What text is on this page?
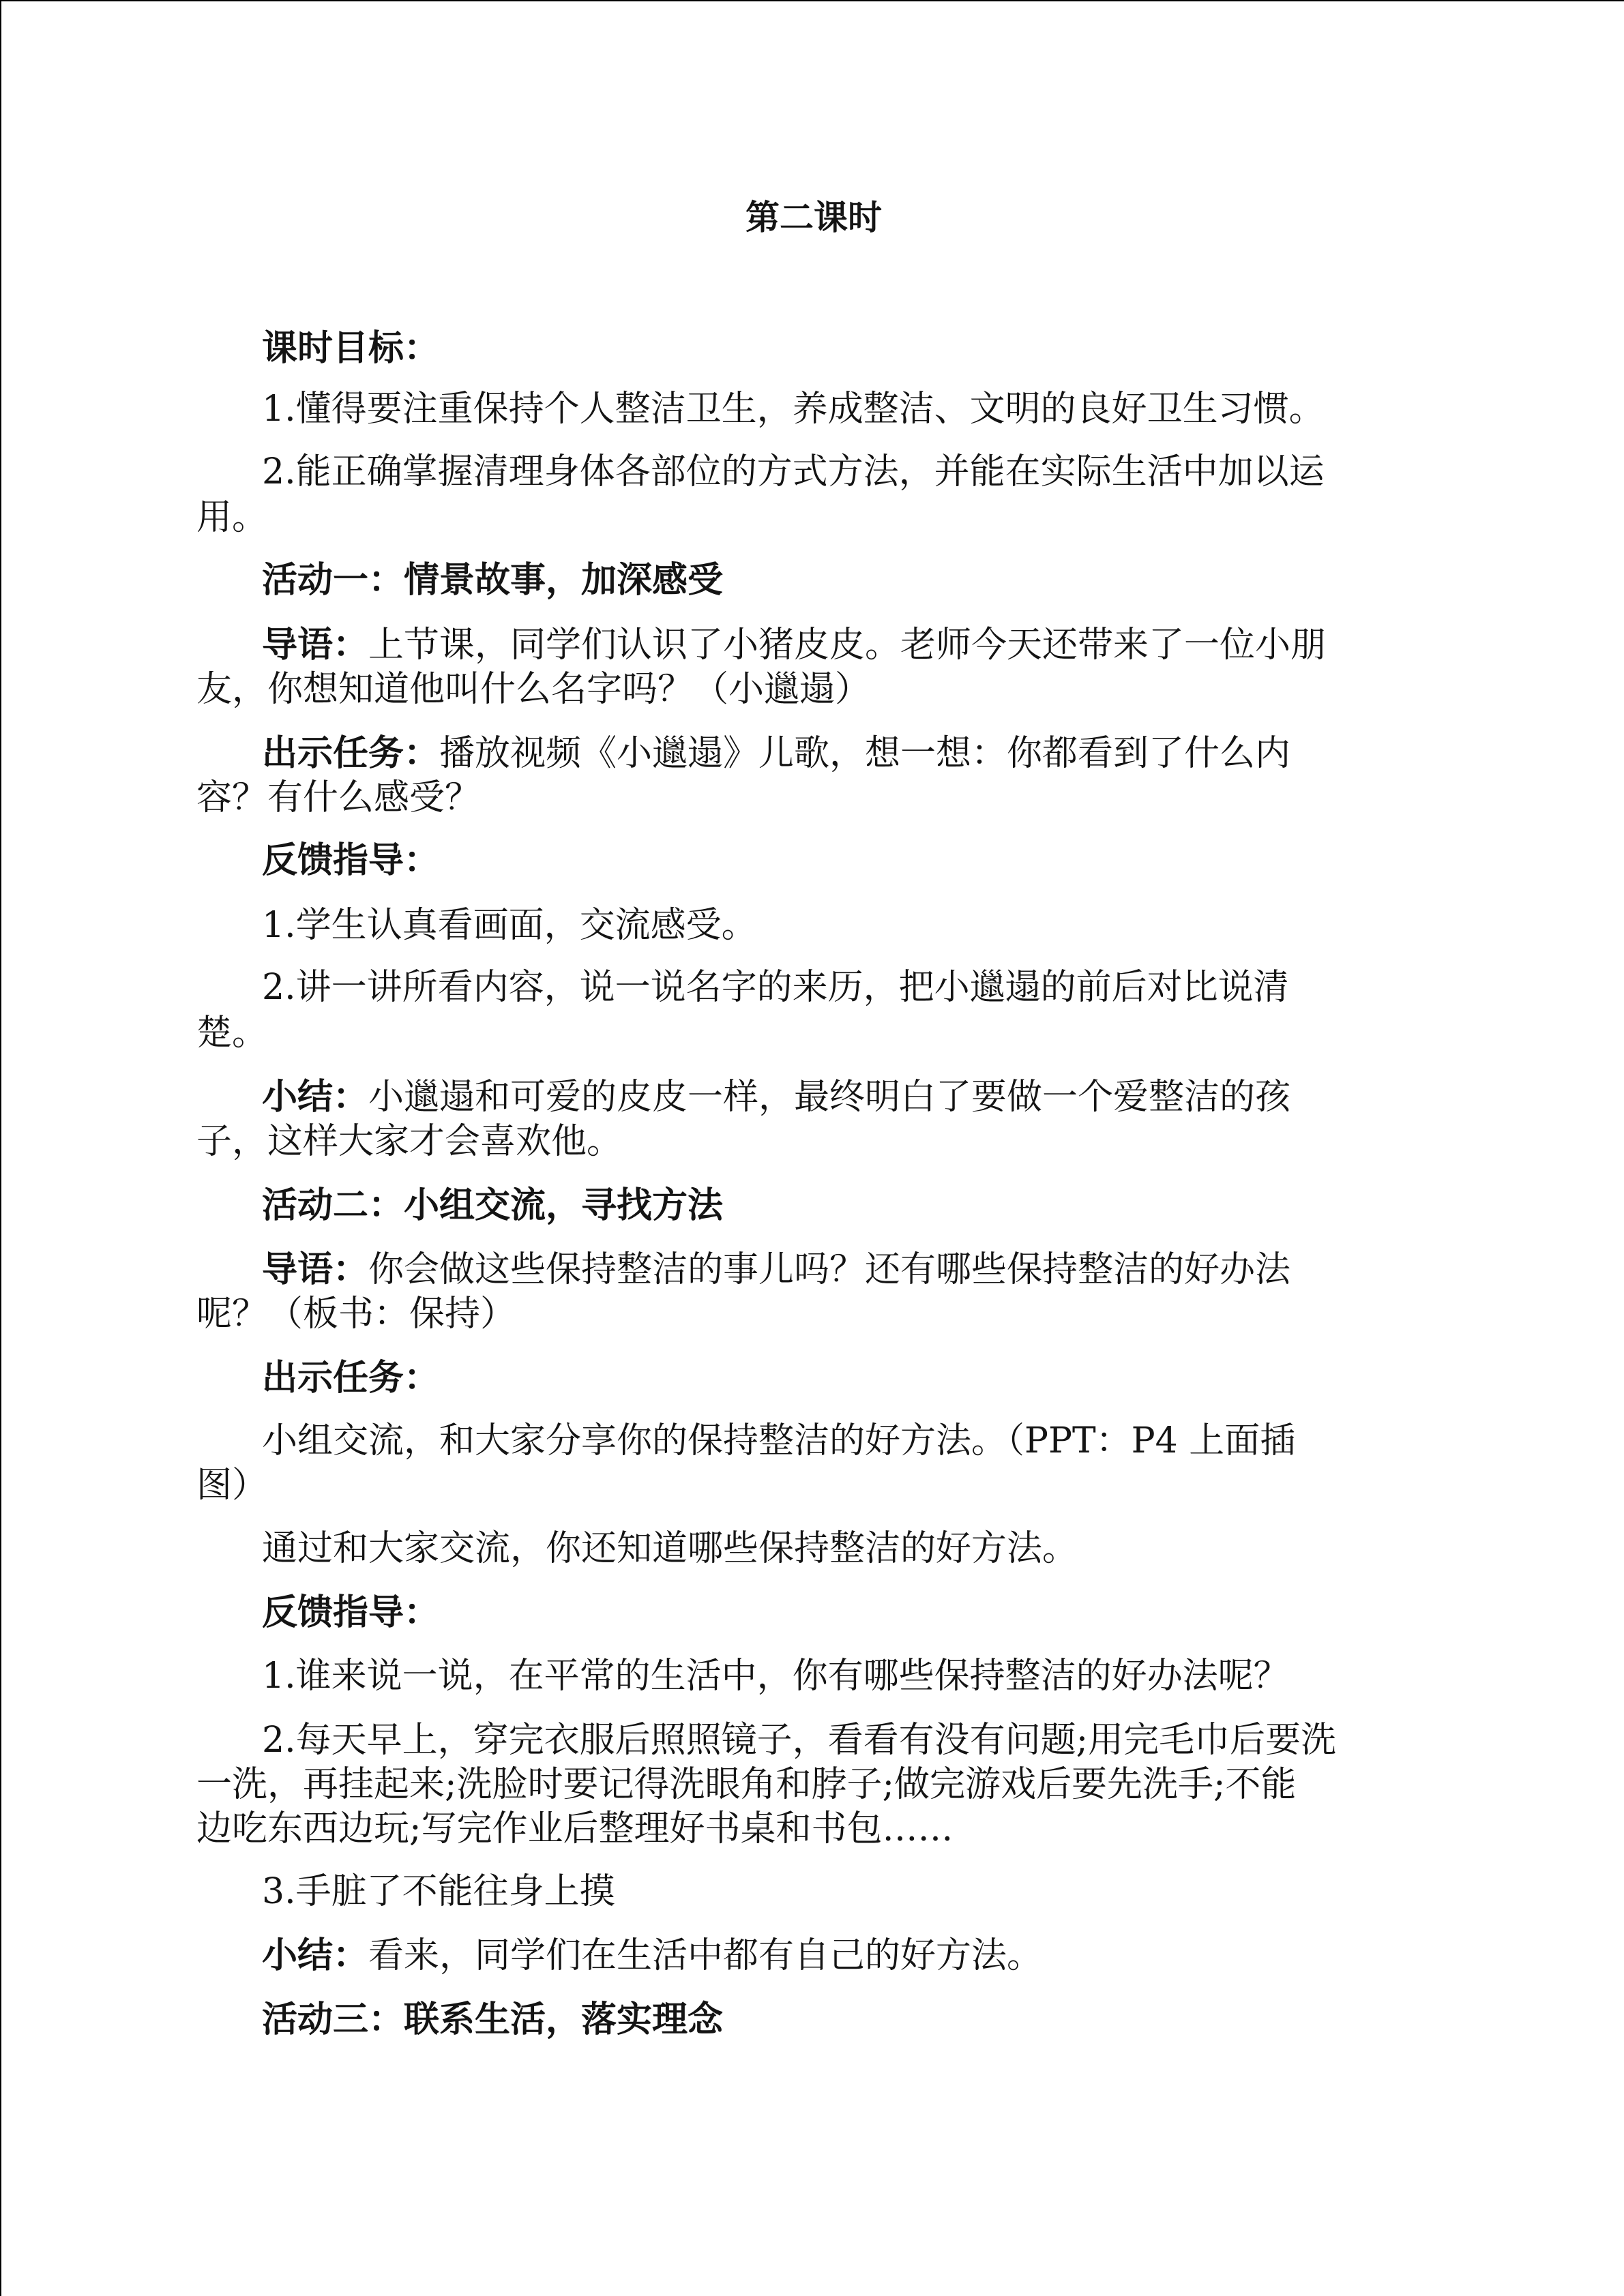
第二课时

课时目标：

1.懂得要注重保持个人整洁卫生，养成整洁、文明的良好卫生习惯。

2.能正确掌握清理身体各部位的方式方法，并能在实际生活中加以运

用。

活动一：情景故事，加深感受

导语：上节课，同学们认识了小猪皮皮。老师今天还带来了一位小朋

友，你想知道他叫什么名字吗？（小邋遢）

出示任务：播放视频《小邋遢》儿歌，想一想：你都看到了什么内

容？有什么感受？

反馈指导：

1.学生认真看画面，交流感受。

2.讲一讲所看内容，说一说名字的来历，把小邋遢的前后对比说清

楚。

小结：小邋遢和可爱的皮皮一样，最终明白了要做一个爱整洁的孩

子，这样大家才会喜欢他。

活动二：小组交流，寻找方法

导语：你会做这些保持整洁的事儿吗？还有哪些保持整洁的好办法

呢？（板书：保持）

出示任务：

小组交流，和大家分享你的保持整洁的好方法。（PPT：P4 上面插

图）

通过和大家交流，你还知道哪些保持整洁的好方法。

反馈指导：

1.谁来说一说，在平常的生活中，你有哪些保持整洁的好办法呢？

2.每天早上，穿完衣服后照照镜子，看看有没有问题;用完毛巾后要洗

一洗，再挂起来;洗脸时要记得洗眼角和脖子;做完游戏后要先洗手;不能

边吃东西边玩;写完作业后整理好书桌和书包……

3.手脏了不能往身上摸

小结：看来，同学们在生活中都有自己的好方法。

活动三：联系生活，落实理念
